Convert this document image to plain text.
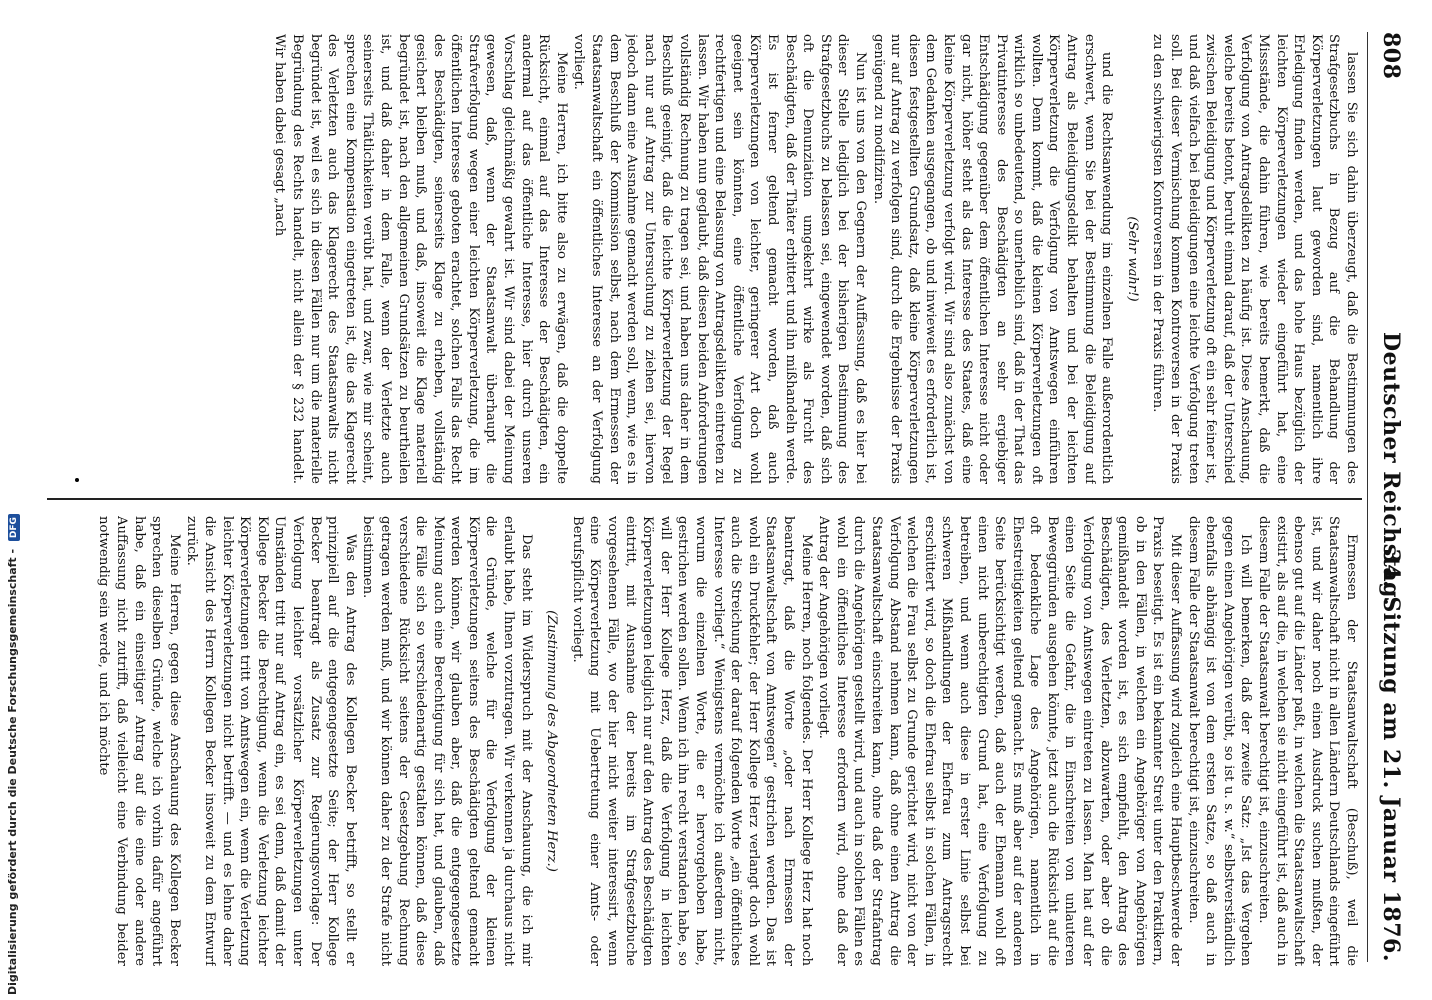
808
Deutscher Reichstag.
34. Sitzung am 21. Januar 1876.

lassen Sie sich dahin überzeugt, daß die Bestimmungen des Strafgesetzbuchs in Bezug auf die Behandlung der Körperverletzungen laut geworden sind, namentlich ihre Erledigung finden werden, und das hohe Haus bezüglich der leichten Körperverletzungen wieder eingeführt hat, eine Missstände, die dahin führen, wie bereits bemerkt, daß die Verfolgung von Antragsdelikten zu häufig ist. Diese Anschauung, welche bereits betont, beruht einmal darauf, daß der Unterschied zwischen Beleidigung und Körperverletzung oft ein sehr feiner ist, und daß vielfach bei Beleidigungen eine leichte Verfolgung treten soll. Bei dieser Vermischung kommen Kontroversen in der Praxis zu den schwierigsten Kontroversen in der Praxis führen.

(Sehr wahr!)

und die Rechtsanwendung im einzelnen Falle außerordentlich erschwert, wenn Sie bei der Bestimmung die Beleidigung auf Antrag als Beleidigungsdelikt behalten und bei der leichten Körperverletzung die Verfolgung von Amtswegen einführen wollten. Denn kommt, daß die kleinen Körperverletzungen oft wirklich so unbedeutend, so unerheblich sind, daß in der That das Privatinteresse des Beschädigten an sehr ergiebiger Entschädigung gegenüber dem öffentlichen Interesse nicht oder gar nicht, höher steht als das Interesse des Staates, daß eine kleine Körperverletzung verfolgt wird. Wir sind also zunächst von dem Gedanken ausgegangen, ob und inwieweit es erforderlich ist, diesen festgestellten Grundsatz, daß kleine Körperverletzungen nur auf Antrag zu verfolgen sind, durch die Ergebnisse der Praxis genügend zu modifiziren.

Nun ist uns von den Gegnern der Auffassung, daß es hier bei dieser Stelle lediglich bei der bisherigen Bestimmung des Strafgesetzbuchs zu belassen sei, eingewendet worden, daß sich oft die Denunziation umgekehrt wirke als Furcht des Beschädigten, daß der Thäter erbittert und ihn mißhandeln werde. Es ist ferner geltend gemacht worden, daß auch Körperverletzungen von leichter, geringerer Art doch wohl geeignet sein könnten, eine öffentliche Verfolgung zu rechtfertigen und eine Belassung von Antragsdelikten eintreten zu lassen. Wir haben nun geglaubt, daß diesen beiden Anforderungen vollständig Rechnung zu tragen sei, und haben uns daher in dem Beschluß geeinigt, daß die leichte Körperverletzung der Regel nach nur auf Antrag zur Untersuchung zu ziehen sei, hiervon jedoch dann eine Ausnahme gemacht werden soll, wenn, wie es in dem Beschluß der Kommission selbst, nach dem Ermessen der Staatsanwaltschaft ein öffentliches Interesse an der Verfolgung vorliegt.

Meine Herren, ich bitte also zu erwägen, daß die doppelte Rücksicht, einmal auf das Interesse der Beschädigten, ein andermal auf das öffentliche Interesse, hier durch unseren Vorschlag gleichmäßig gewahrt ist. Wir sind dabei der Meinung gewesen, daß, wenn der Staatsanwalt überhaupt die Strafverfolgung wegen einer leichten Körperverletzung, die im öffentlichen Interesse geboten erachtet, solchen Falls das Recht des Beschädigten, seinerseits Klage zu erheben, vollständig gesichert bleiben muß, und daß, insoweit die Klage materiell begründet ist, nach den allgemeinen Grundsätzen zu beurtheilen ist, und daß daher in dem Falle, wenn der Verletzte auch seinerseits Thätlichkeiten verübt hat, und zwar, wie mir scheint, sprechen eine Kompensation eingetreten ist, die das Klagerecht des Verletzten auch das Klagerecht des Staatsanwalts nicht begründet ist, weil es sich in diesen Fällen nur um die materielle Begründung des Rechts handelt, nicht allein der § 232 handelt. Wir haben dabei gesagt „nach

Ermessen der Staatsanwaltschaft (Beschuß), weil die Staatsanwaltschaft nicht in allen Ländern Deutschlands eingeführt ist, und wir daher noch einen Ausdruck suchen mußten, der ebenso gut auf die Länder paßt, in welchen die Staatsanwaltschaft existirt, als auf die, in welchen sie nicht eingeführt ist, daß auch in diesem Falle der Staatsanwalt berechtigt ist, einzuschreiten.

Ich will bemerken, daß der zweite Satz: „Ist das Vergehen gegen einen Angehörigen verübt, so ist u. s. w.“ selbstverständlich ebenfalls abhängig ist von dem ersten Satze, so daß auch in diesem Falle der Staatsanwalt berechtigt ist, einzuschreiten.

Mit dieser Auffassung wird zugleich eine Hauptbeschwerde der Praxis beseitigt. Es ist ein bekannter Streit unter den Praktikern, ob in den Fällen, in welchen ein Angehöriger von Angehörigen gemißhandelt worden ist, es sich empfiehlt, den Antrag des Beschädigten, des Verletzten, abzuwarten, oder aber ob die Verfolgung von Amtswegen eintreten zu lassen. Man hat auf der einen Seite die Gefahr, die in Einschreiten von unlauteren Beweggründen ausgehen könnte, jetzt auch die Rücksicht auf die oft bedenkliche Lage des Angehörigen, namentlich in Ehestreitigkeiten geltend gemacht. Es muß aber auf der anderen Seite berücksichtigt werden, daß auch der Ehemann wohl oft einen nicht unberechtigten Grund hat, eine Verfolgung zu betreiben, und wenn auch diese in erster Linie selbst bei schweren Mißhandlungen der Ehefrau zum Antragsrecht erschüttert wird, so doch die Ehefrau selbst in solchen Fällen, in welchen die Frau selbst zu Grunde gerichtet wird, nicht von der Verfolgung Abstand nehmen kann, daß ohne einen Antrag die Staatsanwaltschaft einschreiten kann, ohne daß der Strafantrag durch die Angehörigen gestellt wird, und auch in solchen Fällen es wohl ein öffentliches Interesse erfordern wird, ohne daß der Antrag der Angehörigen vorliegt.

Meine Herren, noch folgendes. Der Herr Kollege Herz hat noch beantragt, daß die Worte „oder nach Ermessen der Staatsanwaltschaft von Amtswegen“ gestrichen werden. Das ist wohl ein Druckfehler; der Herr Kollege Herz verlangt doch wohl auch die Streichung der darauf folgenden Worte „ein öffentliches Interesse vorliegt.“ Wenigstens vermöchte ich außerdem nicht, worum die einzelnen Worte, die er hervorgehoben habe, gestrichen werden sollen. Wenn ich ihn recht verstanden habe, so will der Herr Kollege Herz, daß die Verfolgung in leichten Körperverletzungen lediglich nur auf den Antrag des Beschädigten eintritt, mit Ausnahme der bereits im Strafgesetzbuche vorgesehenen Fälle, wo der hier nicht weiter interessirt, wenn eine Körperverletzung mit Uebertretung einer Amts- oder Berufspflicht vorliegt.

(Zustimmung des Abgeordneten Herz.)

Das steht im Widerspruch mit der Anschauung, die ich mir erlaubt habe, Ihnen vorzutragen. Wir verkennen ja durchaus nicht die Gründe, welche für die Verfolgung der kleinen Körperverletzungen seitens des Beschädigten geltend gemacht werden können, wir glauben aber, daß die entgegengesetzte Meinung auch eine Berechtigung für sich hat, und glauben, daß die Fälle sich so verschiedenartig gestalten können, daß diese verschiedene Rücksicht seitens der Gesetzgebung Rechnung getragen werden muß, und wir können daher zu der Strafe nicht beistimmen.

Was den Antrag des Kollegen Becker betrifft, so stellt er prinzipiell auf die entgegengesetzte Seite; der Herr Kollege Becker beantragt als Zusatz zur Regierungsvorlage: Der Verfolgung leichter vorsätzlicher Körperverletzungen unter Umständen tritt nur auf Antrag ein, es sei denn, daß damit der Kollege Becker die Berechtigung, wenn die Verletzung leichter Körperverletzungen tritt von Amtswegen ein, wenn die Verletzung leichter Körperverletzungen nicht betrifft. — und es lehne daher die Ansicht des Herrn Kollegen Becker insoweit zu dem Entwurf zurück.

Meine Herren, gegen diese Anschauung des Kollegen Becker sprechen dieselben Gründe, welche ich vorhin dafür angeführt habe, daß ein einseitiger Antrag auf die eine oder andere Auffassung nicht zutrifft, daß vielleicht eine Verbindung beider notwendig sein werde, und ich möchte

Digitalisierung gefördert durch die Deutsche Forschungsgemeinschaft - DFG
